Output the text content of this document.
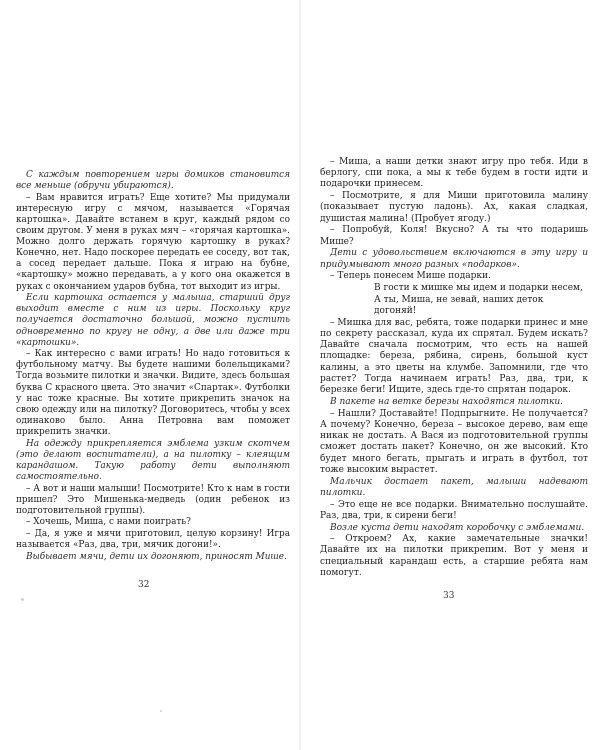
С каждым повторением игры домиков становится все меньше (обручи убираются).

– Вам нравится играть? Еще хотите? Мы придумали интересную игру с мячом, называется «Горячая картошка». Давайте встанем в круг, каждый рядом со своим другом. У меня в руках мяч – «горячая картошка». Можно долго держать горячую картошку в руках? Конечно, нет. Надо поскорее передать ее соседу, вот так, а сосед передает дальше. Пока я играю на бубне, «картошку» можно передавать, а у кого она окажется в руках с окончанием ударов бубна, тот выходит из игры.

Если картошка остается у малыша, старший друг выходит вместе с ним из игры. Поскольку круг получается достаточно большой, можно пустить одновременно по кругу не одну, а две или даже три «картошки».

– Как интересно с вами играть! Но надо готовиться к футбольному матчу. Вы будете нашими болельщиками? Тогда возьмите пилотки и значки. Видите, здесь большая буква С красного цвета. Это значит «Спартак». Футболки у нас тоже красные. Вы хотите прикрепить значок на свою одежду или на пилотку? Договоритесь, чтобы у всех одинаково было. Анна Петровна вам поможет прикрепить значки.

На одежду прикрепляется эмблема узким скотчем (это делают воспитатели), а на пилотку – клеящим карандашом. Такую работу дети выполняют самостоятельно.

– А вот и наши малыши! Посмотрите! Кто к нам в гости пришел? Это Мишенька-медведь (один ребенок из подготовительной группы).

– Хочешь, Миша, с нами поиграть?

– Да, я уже и мячи приготовил, целую корзину! Игра называется «Раз, два, три, мячик догони!».

Выбывает мячи, дети их догоняют, приносят Мише.

32

– Миша, а наши детки знают игру про тебя. Иди в берлогу, спи пока, а мы к тебе будем в гости идти и подарочки принесем.

– Посмотрите, я для Миши приготовила малину (показывает пустую ладонь). Ах, какая сладкая, душистая малина! (Пробует ягоду.)

– Попробуй, Коля! Вкусно? А ты что подаришь Мише?

Дети с удовольствием включаются в эту игру и придумывают много разных «подарков».

– Теперь понесем Мише подарки.

В гости к мишке мы идем и подарки несем,

А ты, Миша, не зевай, наших деток догоняй!

– Мишка для вас, ребята, тоже подарки принес и мне по секрету рассказал, куда их спрятал. Будем искать? Давайте сначала посмотрим, что есть на нашей площадке: береза, рябина, сирень, большой куст калины, а это цветы на клумбе. Запомнили, где что растет? Тогда начинаем играть! Раз, два, три, к березке беги! Ищите, здесь где-то спрятан подарок.

В пакете на ветке березы находятся пилотки.

– Нашли? Доставайте! Подпрыгните. Не получается? А почему? Конечно, береза – высокое дерево, вам еще никак не достать. А Вася из подготовительной группы сможет достать пакет? Конечно, он же высокий. Кто будет много бегать, прыгать и играть в футбол, тот тоже высоким вырастет.

Мальчик достает пакет, малыши надевают пилотки.

– Это еще не все подарки. Внимательно послушайте. Раз, два, три, к сирени беги!

Возле куста дети находят коробочку с эмблемами.

– Откроем? Ах, какие замечательные значки! Давайте их на пилотки прикрепим. Вот у меня и специальный карандаш есть, а старшие ребята нам помогут.

33
